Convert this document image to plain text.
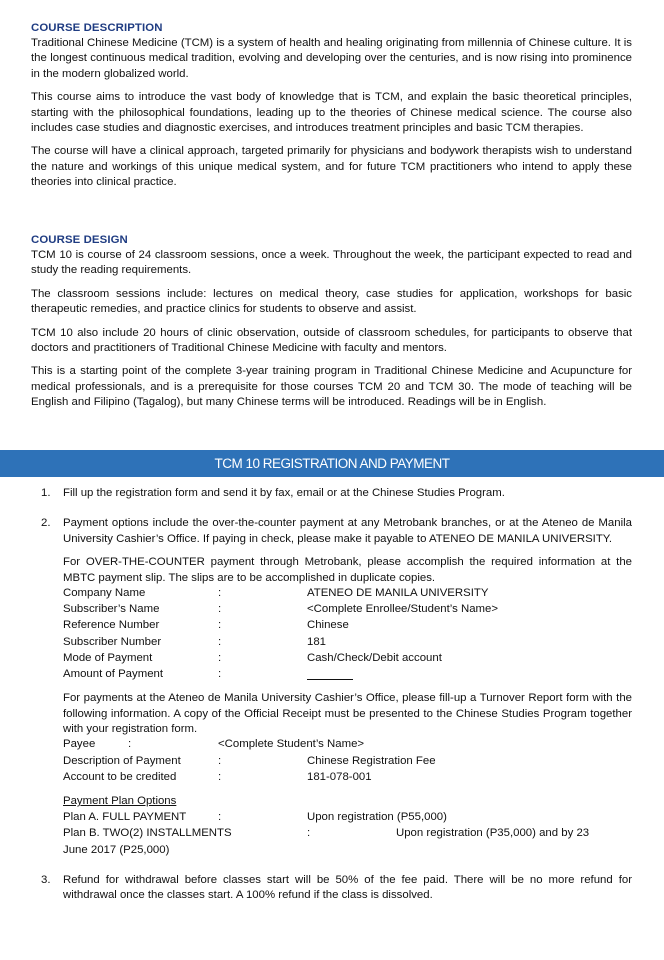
COURSE DESCRIPTION

Traditional Chinese Medicine (TCM) is a system of health and healing originating from millennia of Chinese culture. It is the longest continuous medical tradition, evolving and developing over the centuries, and is now rising into prominence in the modern globalized world.

This course aims to introduce the vast body of knowledge that is TCM, and explain the basic theoretical principles, starting with the philosophical foundations, leading up to the theories of Chinese medical science. The course also includes case studies and diagnostic exercises, and introduces treatment principles and basic TCM therapies.

The course will have a clinical approach, targeted primarily for physicians and bodywork therapists wish to understand the nature and workings of this unique medical system, and for future TCM practitioners who intend to apply these theories into clinical practice.

COURSE DESIGN

TCM 10 is course of 24 classroom sessions, once a week. Throughout the week, the participant expected to read and study the reading requirements.

The classroom sessions include: lectures on medical theory, case studies for application, workshops for basic therapeutic remedies, and practice clinics for students to observe and assist.

TCM 10 also include 20 hours of clinic observation, outside of classroom schedules, for participants to observe that doctors and practitioners of Traditional Chinese Medicine with faculty and mentors.

This is a starting point of the complete 3-year training program in Traditional Chinese Medicine and Acupuncture for medical professionals, and is a prerequisite for those courses TCM 20 and TCM 30. The mode of teaching will be English and Filipino (Tagalog), but many Chinese terms will be introduced. Readings will be in English.

TCM 10 REGISTRATION AND PAYMENT
1. Fill up the registration form and send it by fax, email or at the Chinese Studies Program.

2. Payment options include the over-the-counter payment at any Metrobank branches, or at the Ateneo de Manila University Cashier’s Office. If paying in check, please make it payable to ATENEO DE MANILA UNIVERSITY.

For OVER-THE-COUNTER payment through Metrobank, please accomplish the required information at the MBTC payment slip. The slips are to be accomplished in duplicate copies.

Company Name	:	ATENEO DE MANILA UNIVERSITY
Subscriber’s Name	:	<Complete Enrollee/Student’s Name>
Reference Number	:	Chinese
Subscriber Number	:	181
Mode of Payment	:	Cash/Check/Debit account
Amount of Payment	:

For payments at the Ateneo de Manila University Cashier’s Office, please fill-up a Turnover Report form with the following information. A copy of the Official Receipt must be presented to the Chinese Studies Program together with your registration form.

Payee	:	<Complete Student’s Name>
Description of Payment	:	Chinese Registration Fee
Account to be credited	:	181-078-001
Payment Plan Options
Plan A. FULL PAYMENT	:	Upon registration (P55,000)
Plan B. TWO(2) INSTALLMENTS	:	Upon registration (P35,000) and by 23
June 2017 (P25,000)
3. Refund for withdrawal before classes start will be 50% of the fee paid. There will be no more refund for withdrawal once the classes start. A 100% refund if the class is dissolved.
